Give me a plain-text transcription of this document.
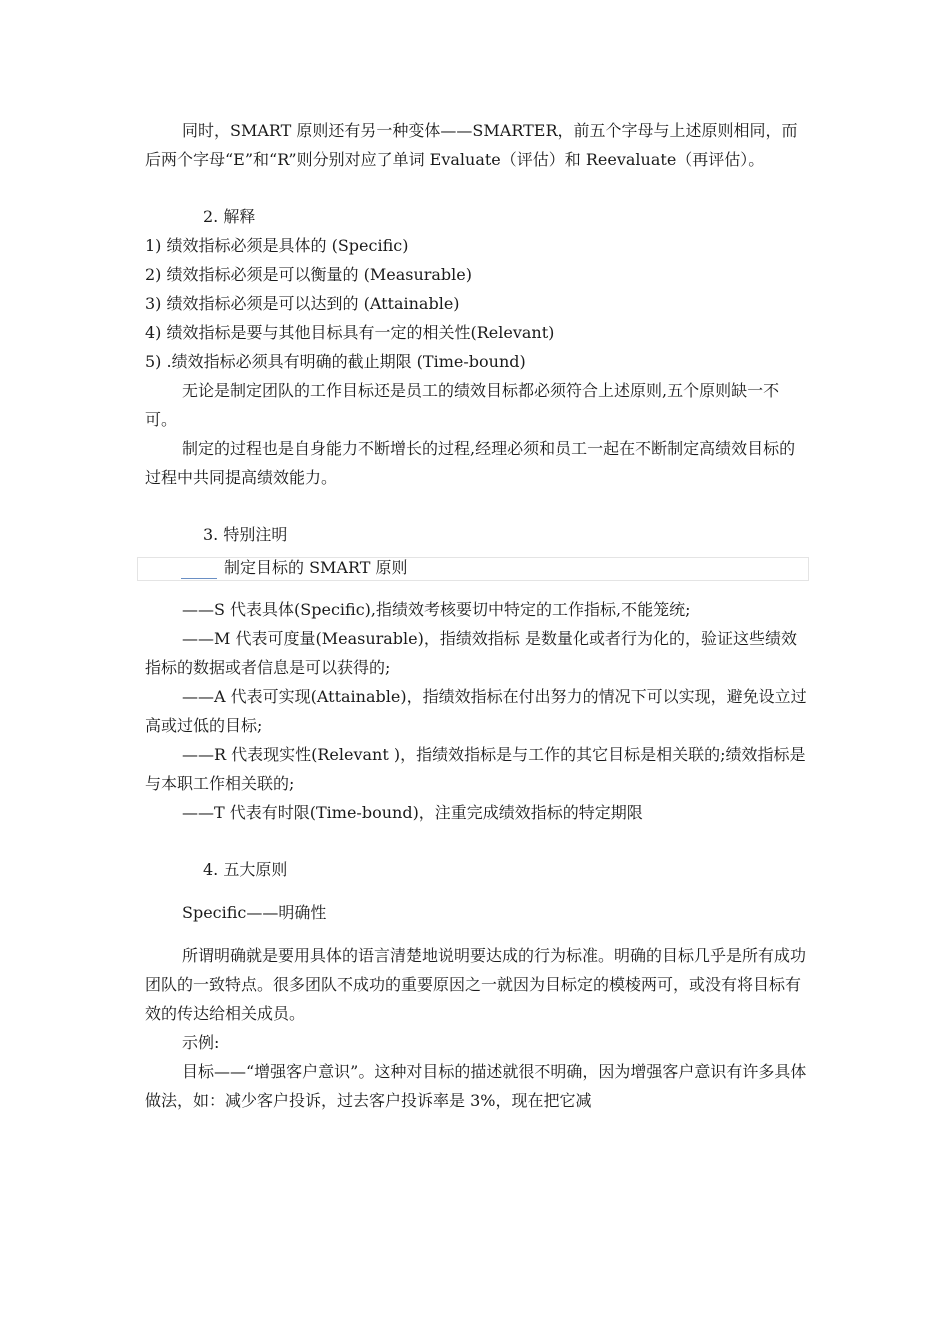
同时，SMART 原则还有另一种变体——SMARTER，前五个字母与上述原则相同，而后两个字母“E”和“R”则分别对应了单词 Evaluate（评估）和 Reevaluate（再评估）。

2. 解释

1) 绩效指标必须是具体的 (Specific)

2) 绩效指标必须是可以衡量的 (Measurable)

3) 绩效指标必须是可以达到的 (Attainable)

4) 绩效指标是要与其他目标具有一定的相关性(Relevant)

5) .绩效指标必须具有明确的截止期限 (Time-bound)

无论是制定团队的工作目标还是员工的绩效目标都必须符合上述原则,五个原则缺一不可。

制定的过程也是自身能力不断增长的过程,经理必须和员工一起在不断制定高绩效目标的过程中共同提高绩效能力。

3. 特别注明

制定目标的 SMART 原则

——S 代表具体(Specific),指绩效考核要切中特定的工作指标,不能笼统;

——M 代表可度量(Measurable)，指绩效指标 是数量化或者行为化的，验证这些绩效指标的数据或者信息是可以获得的;

——A 代表可实现(Attainable)，指绩效指标在付出努力的情况下可以实现，避免设立过高或过低的目标;

——R 代表现实性(Relevant )，指绩效指标是与工作的其它目标是相关联的;绩效指标是与本职工作相关联的;

——T 代表有时限(Time-bound)，注重完成绩效指标的特定期限

4. 五大原则

Specific——明确性

所谓明确就是要用具体的语言清楚地说明要达成的行为标准。明确的目标几乎是所有成功团队的一致特点。很多团队不成功的重要原因之一就因为目标定的模棱两可，或没有将目标有效的传达给相关成员。

示例:

目标——“增强客户意识”。这种对目标的描述就很不明确，因为增强客户意识有许多具体做法，如：减少客户投诉，过去客户投诉率是 3%，现在把它减
